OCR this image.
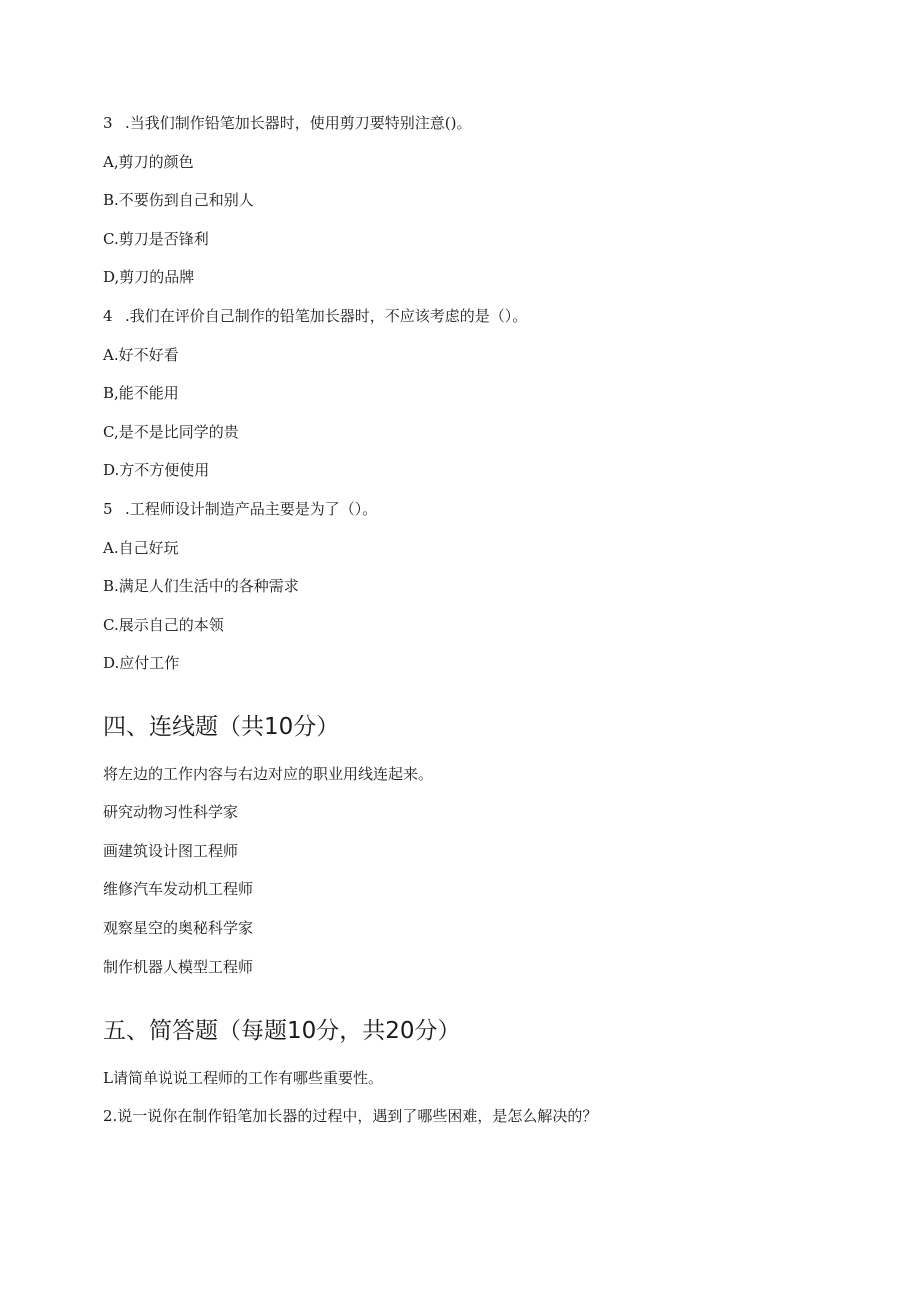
3 .当我们制作铅笔加长器时，使用剪刀要特别注意()。
A,剪刀的颜色
B.不要伤到自己和别人
C.剪刀是否锋利
D,剪刀的品牌
4 .我们在评价自己制作的铅笔加长器时，不应该考虑的是（）。
A.好不好看
B,能不能用
C,是不是比同学的贵
D.方不方便使用
5 .工程师设计制造产品主要是为了（）。
A.自己好玩
B.满足人们生活中的各种需求
C.展示自己的本领
D.应付工作
四、连线题（共10分）
将左边的工作内容与右边对应的职业用线连起来。
研究动物习性科学家
画建筑设计图工程师
维修汽车发动机工程师
观察星空的奥秘科学家
制作机器人模型工程师
五、简答题（每题10分，共20分）
L请简单说说工程师的工作有哪些重要性。
2.说一说你在制作铅笔加长器的过程中，遇到了哪些困难，是怎么解决的？
